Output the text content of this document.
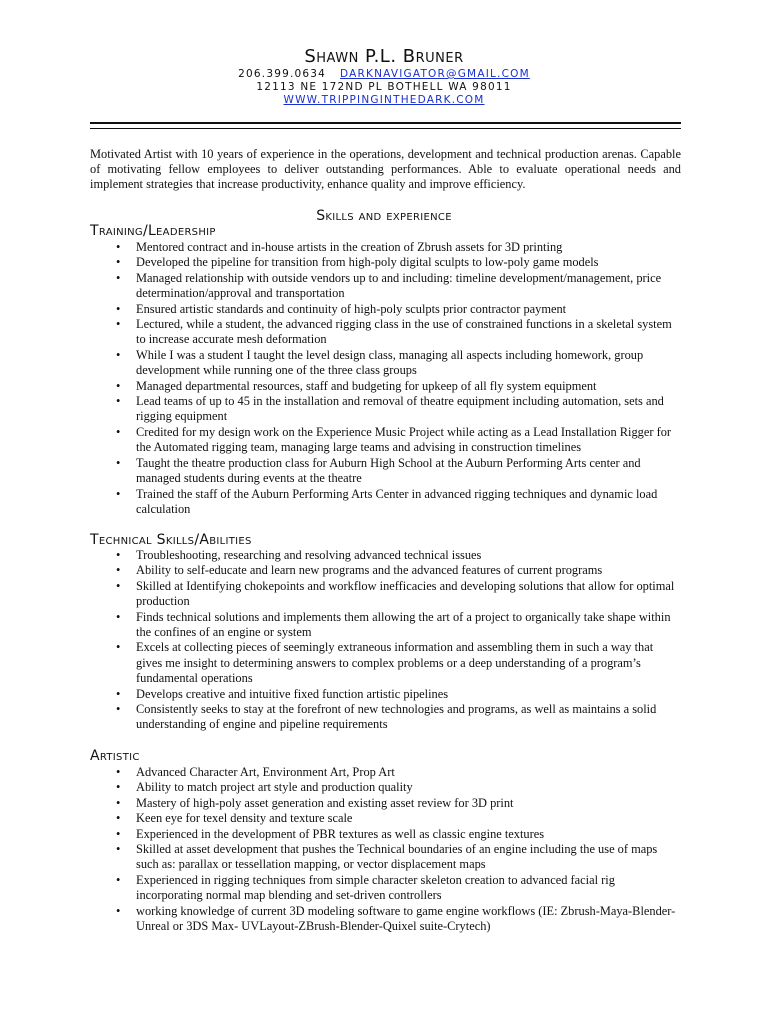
Shawn P.L. Bruner
206.399.0634 DARKNAVIGATOR@GMAIL.COM
12113 NE 172ND PL BOTHELL WA 98011
WWW.TRIPPINGINTHEDARK.COM

Motivated Artist with 10 years of experience in the operations, development and technical production arenas. Capable of motivating fellow employees to deliver outstanding performances. Able to evaluate operational needs and implement strategies that increase productivity, enhance quality and improve efficiency.

Skills and experience
Training/Leadership
• Mentored contract and in-house artists in the creation of Zbrush assets for 3D printing
• Developed the pipeline for transition from high-poly digital sculpts to low-poly game models
• Managed relationship with outside vendors up to and including: timeline development/management, price determination/approval and transportation
• Ensured artistic standards and continuity of high-poly sculpts prior contractor payment
• Lectured, while a student, the advanced rigging class in the use of constrained functions in a skeletal system to increase accurate mesh deformation
• While I was a student I taught the level design class, managing all aspects including homework, group development while running one of the three class groups
• Managed departmental resources, staff and budgeting for upkeep of all fly system equipment
• Lead teams of up to 45 in the installation and removal of theatre equipment including automation, sets and rigging equipment
• Credited for my design work on the Experience Music Project while acting as a Lead Installation Rigger for the Automated rigging team, managing large teams and advising in construction timelines
• Taught the theatre production class for Auburn High School at the Auburn Performing Arts center and managed students during events at the theatre
• Trained the staff of the Auburn Performing Arts Center in advanced rigging techniques and dynamic load calculation
Technical Skills/Abilities
• Troubleshooting, researching and resolving advanced technical issues
• Ability to self-educate and learn new programs and the advanced features of current programs
• Skilled at Identifying chokepoints and workflow inefficacies and developing solutions that allow for optimal production
• Finds technical solutions and implements them allowing the art of a project to organically take shape within the confines of an engine or system
• Excels at collecting pieces of seemingly extraneous information and assembling them in such a way that gives me insight to determining answers to complex problems or a deep understanding of a program’s fundamental operations
• Develops creative and intuitive fixed function artistic pipelines
• Consistently seeks to stay at the forefront of new technologies and programs, as well as maintains a solid understanding of engine and pipeline requirements
Artistic
• Advanced Character Art, Environment Art, Prop Art
• Ability to match project art style and production quality
• Mastery of high-poly asset generation and existing asset review for 3D print
• Keen eye for texel density and texture scale
• Experienced in the development of PBR textures as well as classic engine textures
• Skilled at asset development that pushes the Technical boundaries of an engine including the use of maps such as: parallax or tessellation mapping, or vector displacement maps
• Experienced in rigging techniques from simple character skeleton creation to advanced facial rig incorporating normal map blending and set-driven controllers
• working knowledge of current 3D modeling software to game engine workflows (IE: Zbrush-Maya-Blender-Unreal or 3DS Max- UVLayout-ZBrush-Blender-Quixel suite-Crytech)
